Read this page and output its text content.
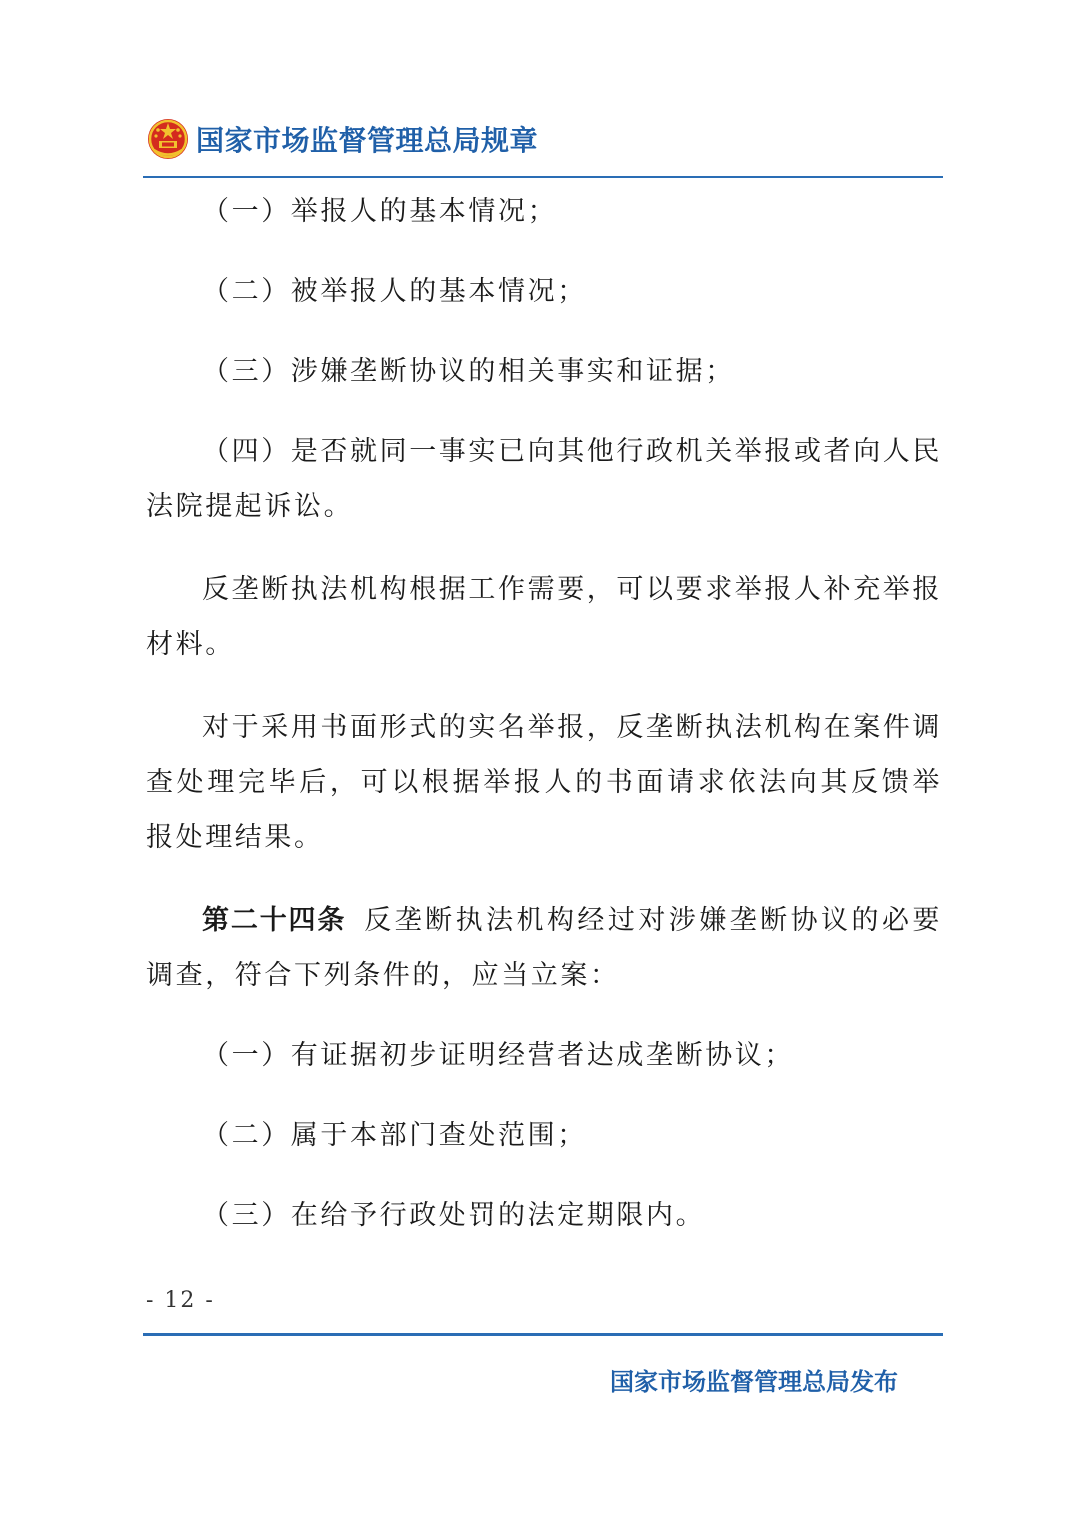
国家市场监督管理总局规章

（一）举报人的基本情况；

（二）被举报人的基本情况；

（三）涉嫌垄断协议的相关事实和证据；

（四）是否就同一事实已向其他行政机关举报或者向人民法院提起诉讼。

反垄断执法机构根据工作需要，可以要求举报人补充举报材料。

对于采用书面形式的实名举报，反垄断执法机构在案件调查处理完毕后，可以根据举报人的书面请求依法向其反馈举报处理结果。

第二十四条 反垄断执法机构经过对涉嫌垄断协议的必要调查，符合下列条件的，应当立案：

（一）有证据初步证明经营者达成垄断协议；

（二）属于本部门查处范围；

（三）在给予行政处罚的法定期限内。

- 12 -
国家市场监督管理总局发布
